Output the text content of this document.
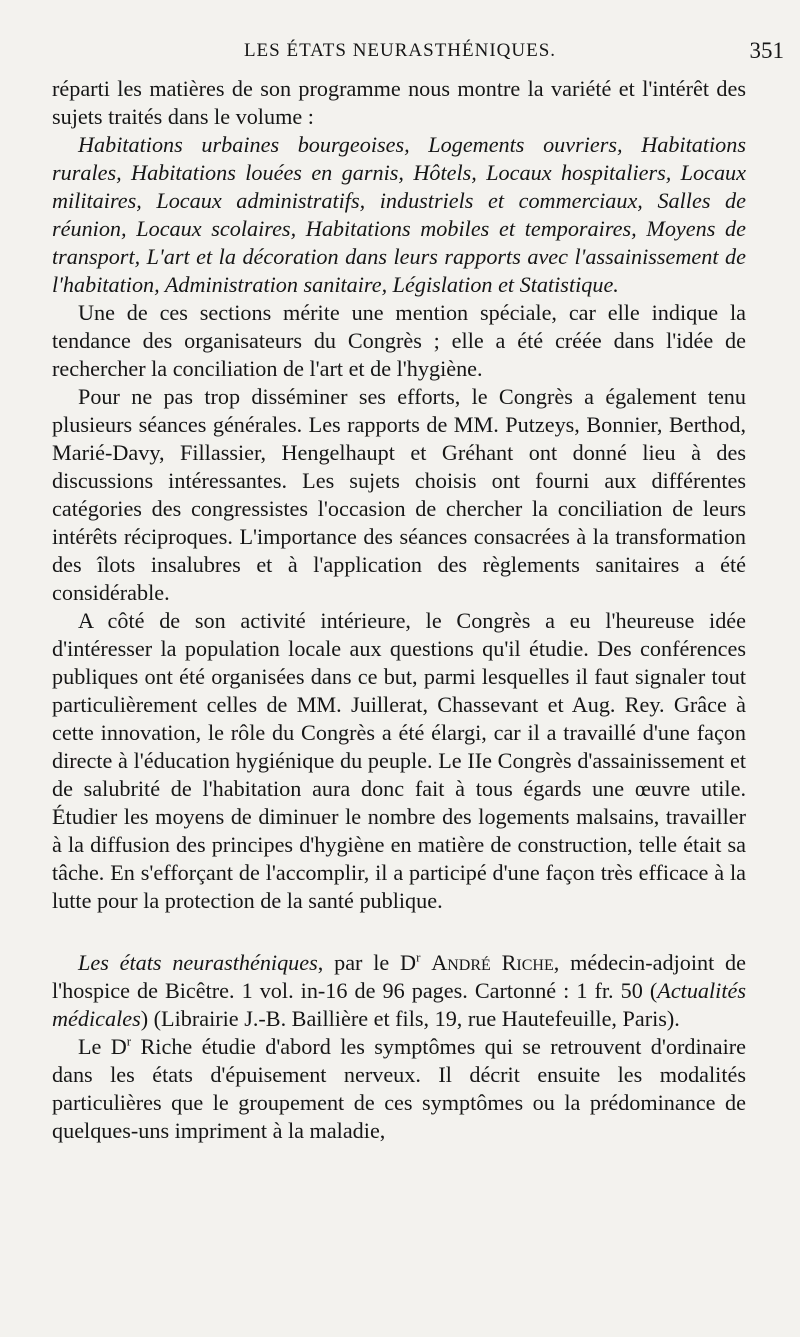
LES ÉTATS NEURASTHÉNIQUES.	351

réparti les matières de son programme nous montre la variété et l'intérêt des sujets traités dans le volume :

Habitations urbaines bourgeoises, Logements ouvriers, Habitations rurales, Habitations louées en garnis, Hôtels, Locaux hospitaliers, Locaux militaires, Locaux administratifs, industriels et commerciaux, Salles de réunion, Locaux scolaires, Habitations mobiles et temporaires, Moyens de transport, L'art et la décoration dans leurs rapports avec l'assainissement de l'habitation, Administration sanitaire, Législation et Statistique.

Une de ces sections mérite une mention spéciale, car elle indique la tendance des organisateurs du Congrès ; elle a été créée dans l'idée de rechercher la conciliation de l'art et de l'hygiène.

Pour ne pas trop disséminer ses efforts, le Congrès a également tenu plusieurs séances générales. Les rapports de MM. Putzeys, Bonnier, Berthod, Marié-Davy, Fillassier, Hengelhaupt et Gréhant ont donné lieu à des discussions intéressantes. Les sujets choisis ont fourni aux différentes catégories des congressistes l'occasion de chercher la conciliation de leurs intérêts réciproques. L'importance des séances consacrées à la transformation des îlots insalubres et à l'application des règlements sanitaires a été considérable.

A côté de son activité intérieure, le Congrès a eu l'heureuse idée d'intéresser la population locale aux questions qu'il étudie. Des conférences publiques ont été organisées dans ce but, parmi lesquelles il faut signaler tout particulièrement celles de MM. Juillerat, Chassevant et Aug. Rey. Grâce à cette innovation, le rôle du Congrès a été élargi, car il a travaillé d'une façon directe à l'éducation hygiénique du peuple. Le IIe Congrès d'assainissement et de salubrité de l'habitation aura donc fait à tous égards une œuvre utile. Étudier les moyens de diminuer le nombre des logements malsains, travailler à la diffusion des principes d'hygiène en matière de construction, telle était sa tâche. En s'efforçant de l'accomplir, il a participé d'une façon très efficace à la lutte pour la protection de la santé publique.

Les états neurasthéniques, par le $D^r$ André Riche, médecin-adjoint de l'hospice de Bicêtre. 1 vol. in-16 de 96 pages. Cartonné : 1 fr. 50 (Actualités médicales) (Librairie J.-B. Baillière et fils, 19, rue Hautefeuille, Paris).

Le $D^r$ Riche étudie d'abord les symptômes qui se retrouvent d'ordinaire dans les états d'épuisement nerveux. Il décrit ensuite les modalités particulières que le groupement de ces symptômes ou la prédominance de quelques-uns impriment à la maladie,
